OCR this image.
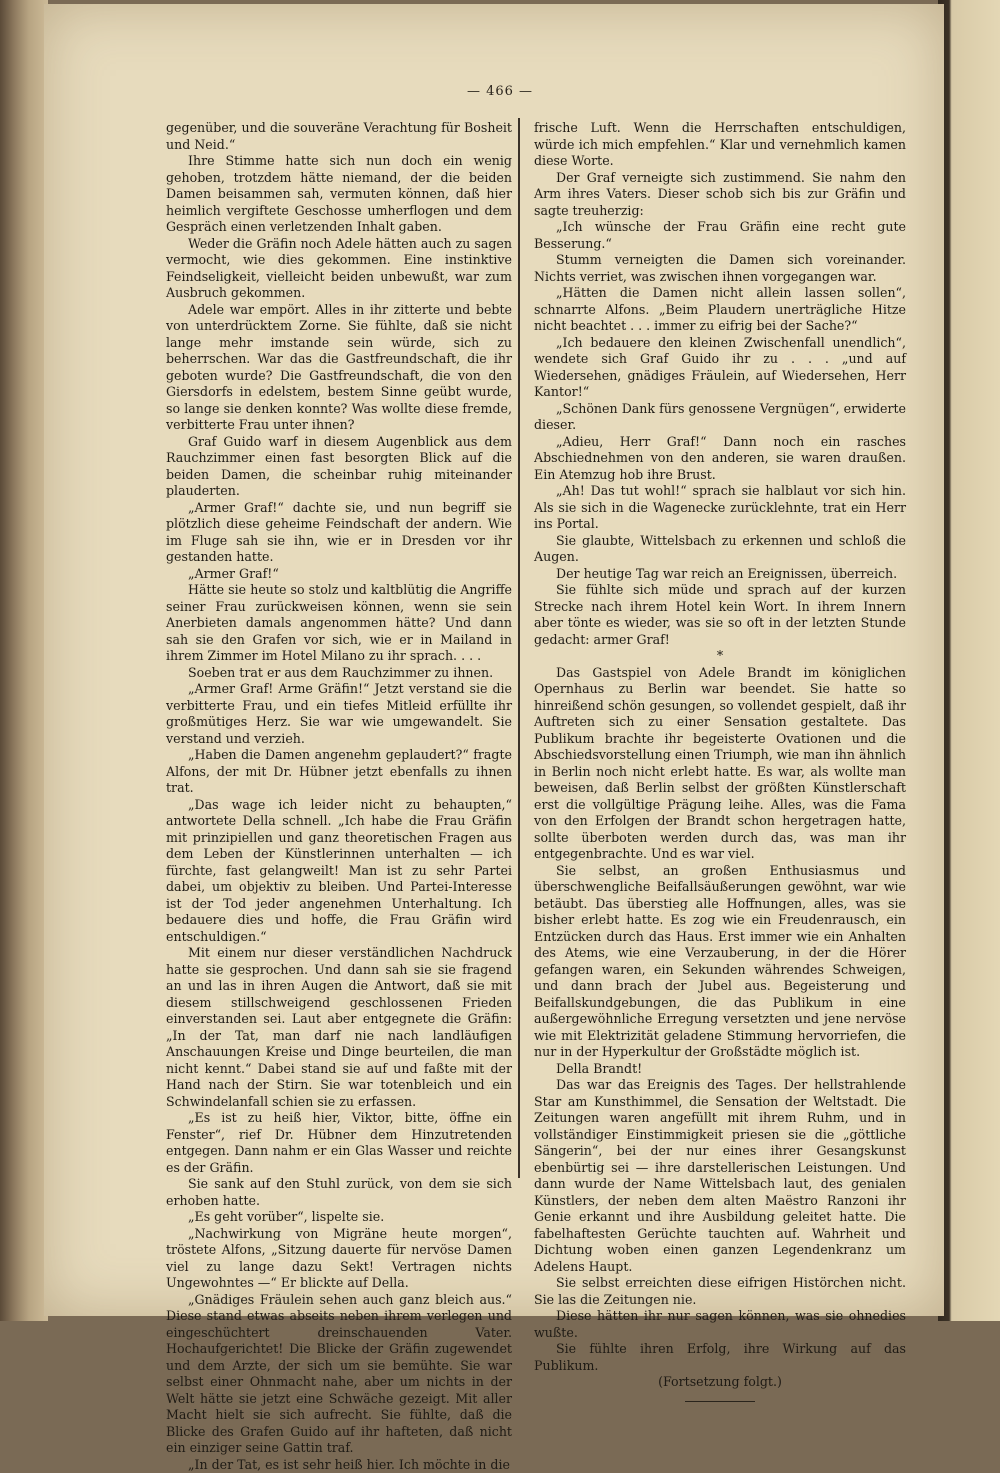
— 466 —

gegenüber, und die souveräne Verachtung für Bosheit und Neid.“

Ihre Stimme hatte sich nun doch ein wenig gehoben, trotzdem hätte niemand, der die beiden Damen beisammen sah, vermuten können, daß hier heimlich vergiftete Geschosse umherflogen und dem Gespräch einen verletzenden Inhalt gaben.

Weder die Gräfin noch Adele hätten auch zu sagen vermocht, wie dies gekommen. Eine instinktive Feindseligkeit, vielleicht beiden unbewußt, war zum Ausbruch gekommen.

Adele war empört. Alles in ihr zitterte und bebte von unterdrücktem Zorne. Sie fühlte, daß sie nicht lange mehr imstande sein würde, sich zu beherrschen. War das die Gastfreundschaft, die ihr geboten wurde? Die Gastfreundschaft, die von den Giersdorfs in edelstem, bestem Sinne geübt wurde, so lange sie denken konnte? Was wollte diese fremde, verbitterte Frau unter ihnen?

Graf Guido warf in diesem Augenblick aus dem Rauchzimmer einen fast besorgten Blick auf die beiden Damen, die scheinbar ruhig miteinander plauderten.

„Armer Graf!“ dachte sie, und nun begriff sie plötzlich diese geheime Feindschaft der andern. Wie im Fluge sah sie ihn, wie er in Dresden vor ihr gestanden hatte.

„Armer Graf!“

Hätte sie heute so stolz und kaltblütig die Angriffe seiner Frau zurückweisen können, wenn sie sein Anerbieten damals angenommen hätte? Und dann sah sie den Grafen vor sich, wie er in Mailand in ihrem Zimmer im Hotel Milano zu ihr sprach. . . .

Soeben trat er aus dem Rauchzimmer zu ihnen.

„Armer Graf! Arme Gräfin!“ Jetzt verstand sie die verbitterte Frau, und ein tiefes Mitleid erfüllte ihr großmütiges Herz. Sie war wie umgewandelt. Sie verstand und verzieh.

„Haben die Damen angenehm geplaudert?“ fragte Alfons, der mit Dr. Hübner jetzt ebenfalls zu ihnen trat.

„Das wage ich leider nicht zu behaupten,“ antwortete Della schnell. „Ich habe die Frau Gräfin mit prinzipiellen und ganz theoretischen Fragen aus dem Leben der Künstlerinnen unterhalten — ich fürchte, fast gelangweilt! Man ist zu sehr Partei dabei, um objektiv zu bleiben. Und Partei-Interesse ist der Tod jeder angenehmen Unterhaltung. Ich bedauere dies und hoffe, die Frau Gräfin wird entschuldigen.“

Mit einem nur dieser verständlichen Nachdruck hatte sie gesprochen. Und dann sah sie sie fragend an und las in ihren Augen die Antwort, daß sie mit diesem stillschweigend geschlossenen Frieden einverstanden sei. Laut aber entgegnete die Gräfin: „In der Tat, man darf nie nach landläufigen Anschauungen Kreise und Dinge beurteilen, die man nicht kennt.“ Dabei stand sie auf und faßte mit der Hand nach der Stirn. Sie war totenbleich und ein Schwindelanfall schien sie zu erfassen.

„Es ist zu heiß hier, Viktor, bitte, öffne ein Fenster“, rief Dr. Hübner dem Hinzutretenden entgegen. Dann nahm er ein Glas Wasser und reichte es der Gräfin.

Sie sank auf den Stuhl zurück, von dem sie sich erhoben hatte.

„Es geht vorüber“, lispelte sie.

„Nachwirkung von Migräne heute morgen“, tröstete Alfons, „Sitzung dauerte für nervöse Damen viel zu lange dazu Sekt! Vertragen nichts Ungewohntes —“ Er blickte auf Della.

„Gnädiges Fräulein sehen auch ganz bleich aus.“ Diese stand etwas abseits neben ihrem verlegen und eingeschüchtert dreinschauenden Vater. Hochaufgerichtet! Die Blicke der Gräfin zugewendet und dem Arzte, der sich um sie bemühte. Sie war selbst einer Ohnmacht nahe, aber um nichts in der Welt hätte sie jetzt eine Schwäche gezeigt. Mit aller Macht hielt sie sich aufrecht. Sie fühlte, daß die Blicke des Grafen Guido auf ihr hafteten, daß nicht ein einziger seine Gattin traf.

„In der Tat, es ist sehr heiß hier. Ich möchte in die

frische Luft. Wenn die Herrschaften entschuldigen, würde ich mich empfehlen.“ Klar und vernehmlich kamen diese Worte.

Der Graf verneigte sich zustimmend. Sie nahm den Arm ihres Vaters. Dieser schob sich bis zur Gräfin und sagte treuherzig:

„Ich wünsche der Frau Gräfin eine recht gute Besserung.“

Stumm verneigten die Damen sich voreinander. Nichts verriet, was zwischen ihnen vorgegangen war.

„Hätten die Damen nicht allein lassen sollen“, schnarrte Alfons. „Beim Plaudern unerträgliche Hitze nicht beachtet . . . immer zu eifrig bei der Sache?“

„Ich bedauere den kleinen Zwischenfall unendlich“, wendete sich Graf Guido ihr zu . . . „und auf Wiedersehen, gnädiges Fräulein, auf Wiedersehen, Herr Kantor!“

„Schönen Dank fürs genossene Vergnügen“, erwiderte dieser.

„Adieu, Herr Graf!“ Dann noch ein rasches Abschiednehmen von den anderen, sie waren draußen. Ein Atemzug hob ihre Brust.

„Ah! Das tut wohl!“ sprach sie halblaut vor sich hin. Als sie sich in die Wagenecke zurücklehnte, trat ein Herr ins Portal.

Sie glaubte, Wittelsbach zu erkennen und schloß die Augen.

Der heutige Tag war reich an Ereignissen, überreich.

Sie fühlte sich müde und sprach auf der kurzen Strecke nach ihrem Hotel kein Wort. In ihrem Innern aber tönte es wieder, was sie so oft in der letzten Stunde gedacht: armer Graf!

*

Das Gastspiel von Adele Brandt im königlichen Opernhaus zu Berlin war beendet. Sie hatte so hinreißend schön gesungen, so vollendet gespielt, daß ihr Auftreten sich zu einer Sensation gestaltete. Das Publikum brachte ihr begeisterte Ovationen und die Abschiedsvorstellung einen Triumph, wie man ihn ähnlich in Berlin noch nicht erlebt hatte. Es war, als wollte man beweisen, daß Berlin selbst der größten Künstlerschaft erst die vollgültige Prägung leihe. Alles, was die Fama von den Erfolgen der Brandt schon hergetragen hatte, sollte überboten werden durch das, was man ihr entgegenbrachte. Und es war viel.

Sie selbst, an großen Enthusiasmus und überschwengliche Beifallsäußerungen gewöhnt, war wie betäubt. Das überstieg alle Hoffnungen, alles, was sie bisher erlebt hatte. Es zog wie ein Freudenrausch, ein Entzücken durch das Haus. Erst immer wie ein Anhalten des Atems, wie eine Verzauberung, in der die Hörer gefangen waren, ein Sekunden währendes Schweigen, und dann brach der Jubel aus. Begeisterung und Beifallskundgebungen, die das Publikum in eine außergewöhnliche Erregung versetzten und jene nervöse wie mit Elektrizität geladene Stimmung hervorriefen, die nur in der Hyperkultur der Großstädte möglich ist.

Della Brandt!

Das war das Ereignis des Tages. Der hellstrahlende Star am Kunsthimmel, die Sensation der Weltstadt. Die Zeitungen waren angefüllt mit ihrem Ruhm, und in vollständiger Einstimmigkeit priesen sie die „göttliche Sängerin“, bei der nur eines ihrer Gesangskunst ebenbürtig sei — ihre darstellerischen Leistungen. Und dann wurde der Name Wittelsbach laut, des genialen Künstlers, der neben dem alten Maëstro Ranzoni ihr Genie erkannt und ihre Ausbildung geleitet hatte. Die fabelhaftesten Gerüchte tauchten auf. Wahrheit und Dichtung woben einen ganzen Legendenkranz um Adelens Haupt.

Sie selbst erreichten diese eifrigen Histörchen nicht. Sie las die Zeitungen nie.

Diese hätten ihr nur sagen können, was sie ohnedies wußte.

Sie fühlte ihren Erfolg, ihre Wirkung auf das Publikum.

(Fortsetzung folgt.)
